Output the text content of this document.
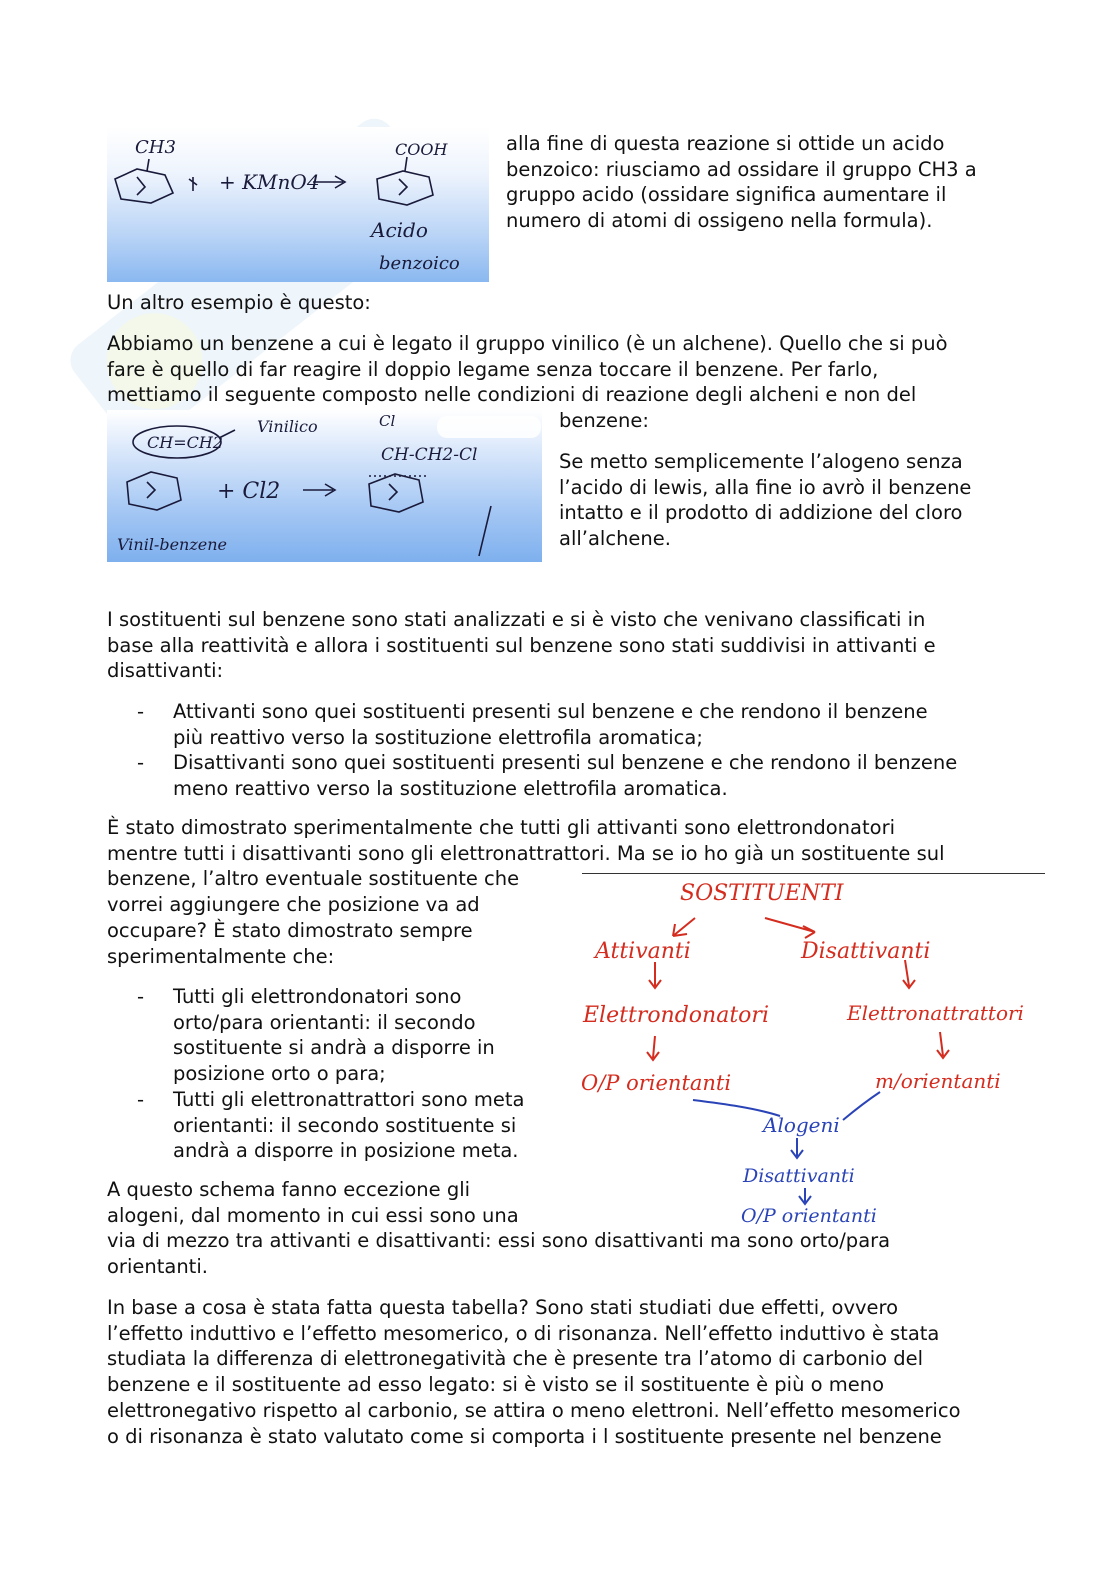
CH3
+ KMnO4
COOH
Acido
benzoico
alla fine di questa reazione si ottide un acido
benzoico: riusciamo ad ossidare il gruppo CH3 a
gruppo acido (ossidare significa aumentare il
numero di atomi di ossigeno nella formula).
Un altro esempio è questo:
Abbiamo un benzene a cui è legato il gruppo vinilico (è un alchene). Quello che si può
fare è quello di far reagire il doppio legame senza toccare il benzene. Per farlo,
mettiamo il seguente composto nelle condizioni di reazione degli alcheni e non del
benzene:
CH=CH2
Vinilico
+ Cl2
Cl
CH-CH2-Cl
Vinil-benzene
Se metto semplicemente l’alogeno senza
l’acido di lewis, alla fine io avrò il benzene
intatto e il prodotto di addizione del cloro
all’alchene.
I sostituenti sul benzene sono stati analizzati e si è visto che venivano classificati in
base alla reattività e allora i sostituenti sul benzene sono stati suddivisi in attivanti e
disattivanti:
- Attivanti sono quei sostituenti presenti sul benzene e che rendono il benzene
più reattivo verso la sostituzione elettrofila aromatica;
- Disattivanti sono quei sostituenti presenti sul benzene e che rendono il benzene
meno reattivo verso la sostituzione elettrofila aromatica.
È stato dimostrato sperimentalmente che tutti gli attivanti sono elettrondonatori
mentre tutti i disattivanti sono gli elettronattrattori. Ma se io ho già un sostituente sul
benzene, l’altro eventuale sostituente che
vorrei aggiungere che posizione va ad
occupare? È stato dimostrato sempre
sperimentalmente che:
SOSTITUENTI
Attivanti	Disattivanti
Elettrondonatori	Elettronattrattori
O/P orientanti	m/orientanti
Alogeni
Disattivanti
O/P orientanti
- Tutti gli elettrondonatori sono
orto/para orientanti: il secondo
sostituente si andrà a disporre in
posizione orto o para;
- Tutti gli elettronattrattori sono meta
orientanti: il secondo sostituente si
andrà a disporre in posizione meta.
A questo schema fanno eccezione gli
alogeni, dal momento in cui essi sono una
via di mezzo tra attivanti e disattivanti: essi sono disattivanti ma sono orto/para
orientanti.
In base a cosa è stata fatta questa tabella? Sono stati studiati due effetti, ovvero
l’effetto induttivo e l’effetto mesomerico, o di risonanza. Nell’effetto induttivo è stata
studiata la differenza di elettronegatività che è presente tra l’atomo di carbonio del
benzene e il sostituente ad esso legato: si è visto se il sostituente è più o meno
elettronegativo rispetto al carbonio, se attira o meno elettroni. Nell’effetto mesomerico
o di risonanza è stato valutato come si comporta i l sostituente presente nel benzene
